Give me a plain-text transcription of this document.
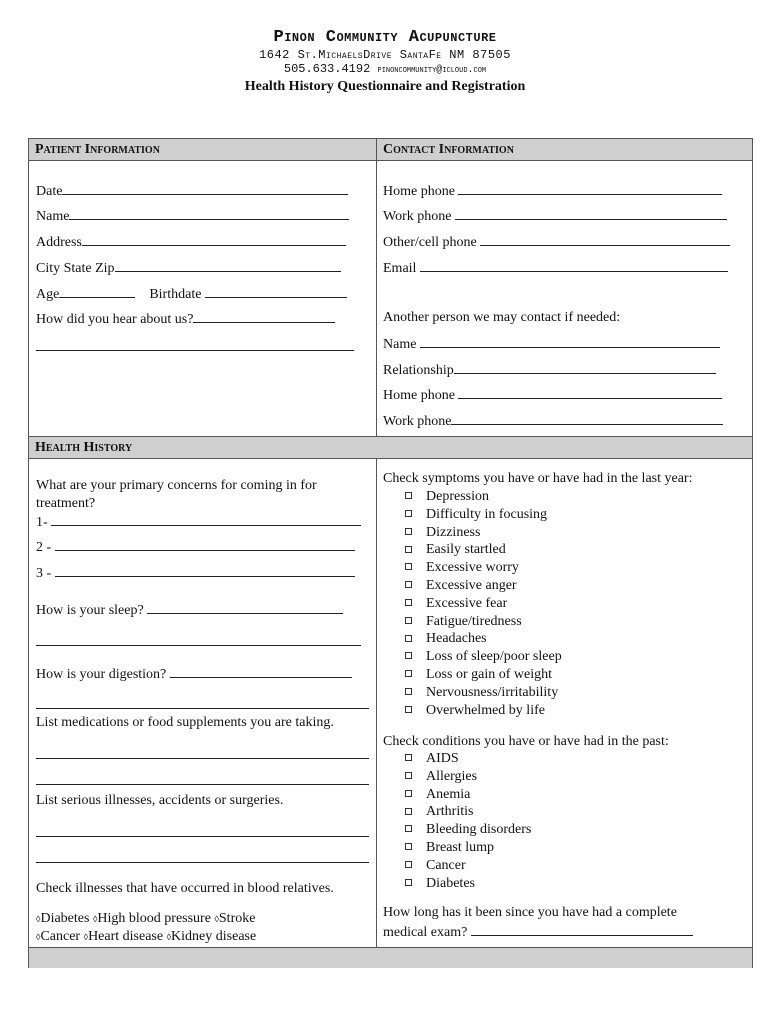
Pinon Community Acupuncture
1642 St.MichaelsDrive SantaFe NM 87505
505.633.4192 pinoncommunity@icloud.com
Health History Questionnaire and Registration
Patient Information	Contact Information
Date
Name
Address
City State Zip
Age	Birthdate
How did you hear about us?
Home phone
Work phone
Other/cell phone
Email
Another person we may contact if needed:
Name
Relationship
Home phone
Work phone
Health History
What are your primary concerns for coming in for treatment?
1-
2 -
3 -
How is your sleep?
How is your digestion?
List medications or food supplements you are taking.
List serious illnesses, accidents or surgeries.
Check illnesses that have occurred in blood relatives.
◊Diabetes ◊High blood pressure ◊Stroke
◊Cancer ◊Heart disease ◊Kidney disease
Check symptoms you have or have had in the last year:
Depression
Difficulty in focusing
Dizziness
Easily startled
Excessive worry
Excessive anger
Excessive fear
Fatigue/tiredness
Headaches
Loss of sleep/poor sleep
Loss or gain of weight
Nervousness/irritability
Overwhelmed by life
Check conditions you have or have had in the past:
AIDS
Allergies
Anemia
Arthritis
Bleeding disorders
Breast lump
Cancer
Diabetes
How long has it been since you have had a complete
medical exam?
